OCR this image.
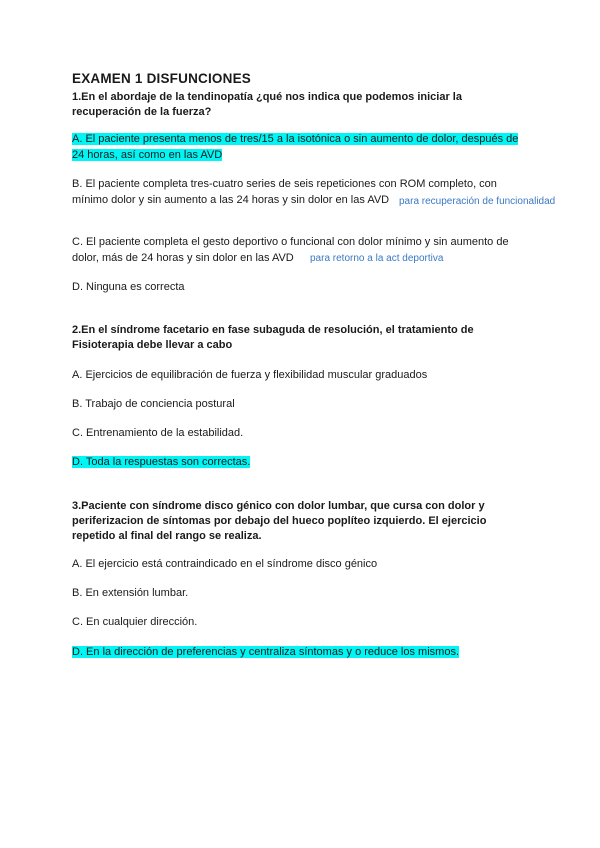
EXAMEN 1 DISFUNCIONES

1.En el abordaje de la tendinopatía ¿qué nos indica que podemos iniciar la recuperación de la fuerza?

A. El paciente presenta menos de tres/15 a la isotónica o sin aumento de dolor, después de
24 horas, así como en las AVD

B. El paciente completa tres-cuatro series de seis repeticiones con ROM completo, con
mínimo dolor y sin aumento a las 24 horas y sin dolor en las AVD para recuperación de funcionalidad

C. El paciente completa el gesto deportivo o funcional con dolor mínimo y sin aumento de
dolor, más de 24 horas y sin dolor en las AVD	para retorno a la act deportiva

D. Ninguna es correcta

2.En el síndrome facetario en fase subaguda de resolución, el tratamiento de Fisioterapia debe llevar a cabo

A. Ejercicios de equilibración de fuerza y flexibilidad muscular graduados

B. Trabajo de conciencia postural

C. Entrenamiento de la estabilidad.

D. Toda la respuestas son correctas.

3.Paciente con síndrome disco génico con dolor lumbar, que cursa con dolor y periferizacion de síntomas por debajo del hueco poplíteo izquierdo. El ejercicio repetido al final del rango se realiza.

A. El ejercicio está contraindicado en el síndrome disco génico

B. En extensión lumbar.

C. En cualquier dirección.

D. En la dirección de preferencias y centraliza síntomas y o reduce los mismos.
